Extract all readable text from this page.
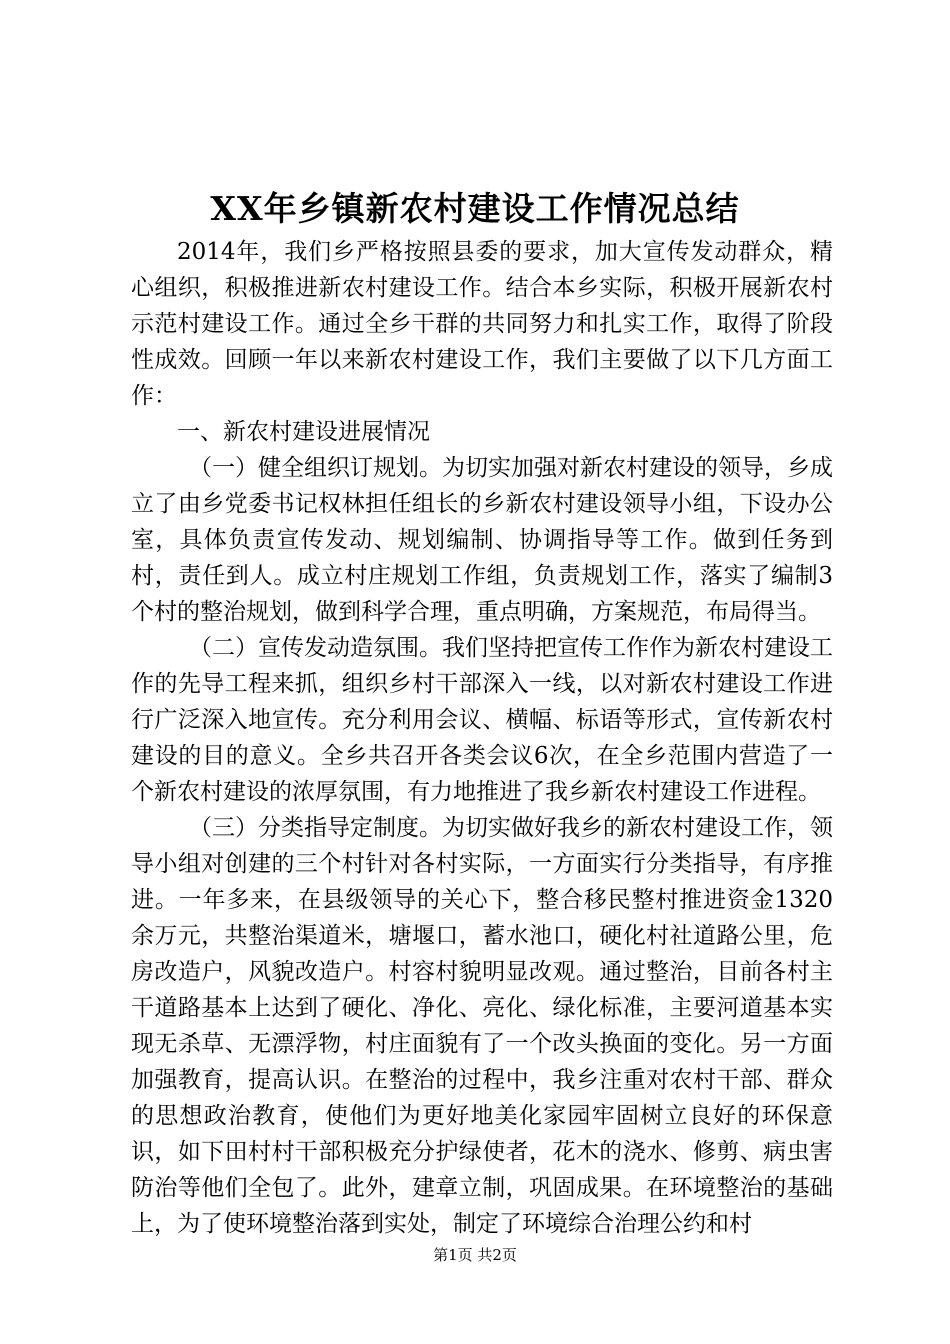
XX年乡镇新农村建设工作情况总结

2014年，我们乡严格按照县委的要求，加大宣传发动群众，精心组织，积极推进新农村建设工作。结合本乡实际，积极开展新农村示范村建设工作。通过全乡干群的共同努力和扎实工作，取得了阶段性成效。回顾一年以来新农村建设工作，我们主要做了以下几方面工作：

一、新农村建设进展情况

（一）健全组织订规划。为切实加强对新农村建设的领导，乡成立了由乡党委书记权林担任组长的乡新农村建设领导小组，下设办公室，具体负责宣传发动、规划编制、协调指导等工作。做到任务到村，责任到人。成立村庄规划工作组，负责规划工作，落实了编制3个村的整治规划，做到科学合理，重点明确，方案规范，布局得当。

（二）宣传发动造氛围。我们坚持把宣传工作作为新农村建设工作的先导工程来抓，组织乡村干部深入一线，以对新农村建设工作进行广泛深入地宣传。充分利用会议、横幅、标语等形式，宣传新农村建设的目的意义。全乡共召开各类会议6次，在全乡范围内营造了一个新农村建设的浓厚氛围，有力地推进了我乡新农村建设工作进程。

（三）分类指导定制度。为切实做好我乡的新农村建设工作，领导小组对创建的三个村针对各村实际，一方面实行分类指导，有序推进。一年多来，在县级领导的关心下，整合移民整村推进资金1320余万元，共整治渠道米，塘堰口，蓄水池口，硬化村社道路公里，危房改造户，风貌改造户。村容村貌明显改观。通过整治，目前各村主干道路基本上达到了硬化、净化、亮化、绿化标准，主要河道基本实现无杀草、无漂浮物，村庄面貌有了一个改头换面的变化。另一方面加强教育，提高认识。在整治的过程中，我乡注重对农村干部、群众的思想政治教育，使他们为更好地美化家园牢固树立良好的环保意识，如下田村村干部积极充分护绿使者，花木的浇水、修剪、病虫害防治等他们全包了。此外，建章立制，巩固成果。在环境整治的基础上，为了使环境整治落到实处，制定了环境综合治理公约和村

第1页 共2页
